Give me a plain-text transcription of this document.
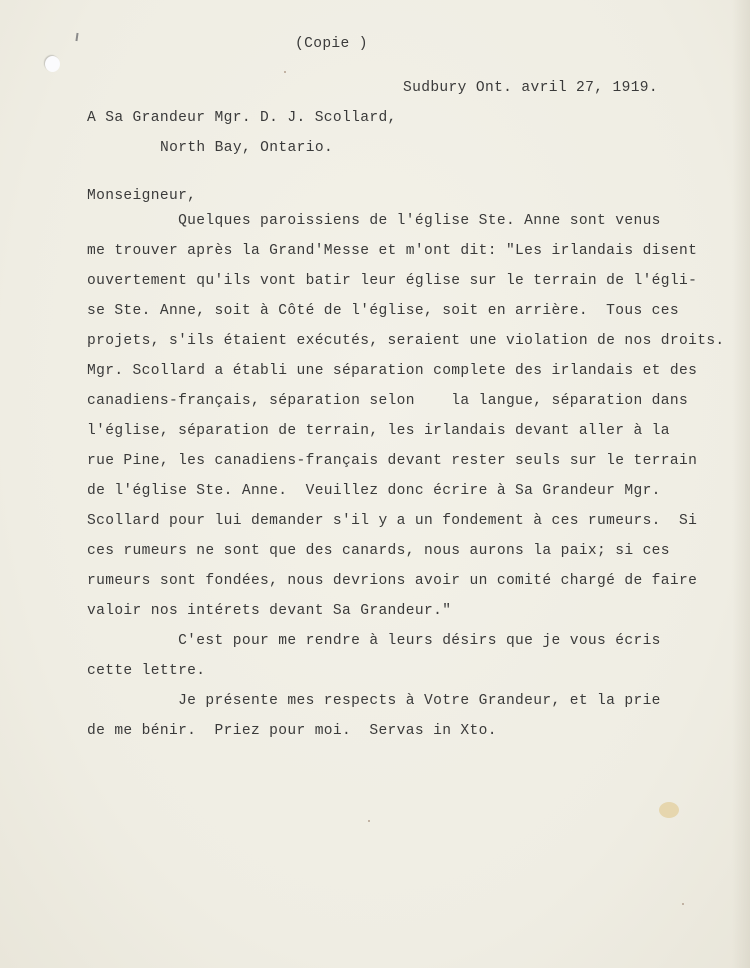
(Copie )
Sudbury Ont. avril 27, 1919.
A Sa Grandeur Mgr. D. J. Scollard,
North Bay, Ontario.
Monseigneur,
Quelques paroissiens de l'église Ste. Anne sont venus
me trouver après la Grand'Messe et m'ont dit: "Les irlandais disent
ouvertement qu'ils vont batir leur église sur le terrain de l'égli-
se Ste. Anne, soit à Côté de l'église, soit en arrière.  Tous ces
projets, s'ils étaient exécutés, seraient une violation de nos droits.
Mgr. Scollard a établi une séparation complete des irlandais et des
canadiens-français, séparation selon    la langue, séparation dans
l'église, séparation de terrain, les irlandais devant aller à la
rue Pine, les canadiens-français devant rester seuls sur le terrain
de l'église Ste. Anne.  Veuillez donc écrire à Sa Grandeur Mgr.
Scollard pour lui demander s'il y a un fondement à ces rumeurs.  Si
ces rumeurs ne sont que des canards, nous aurons la paix; si ces
rumeurs sont fondées, nous devrions avoir un comité chargé de faire
valoir nos intérets devant Sa Grandeur."
C'est pour me rendre à leurs désirs que je vous écris
cette lettre.
Je présente mes respects à Votre Grandeur, et la prie
de me bénir.  Priez pour moi.  Servas in Xto.
